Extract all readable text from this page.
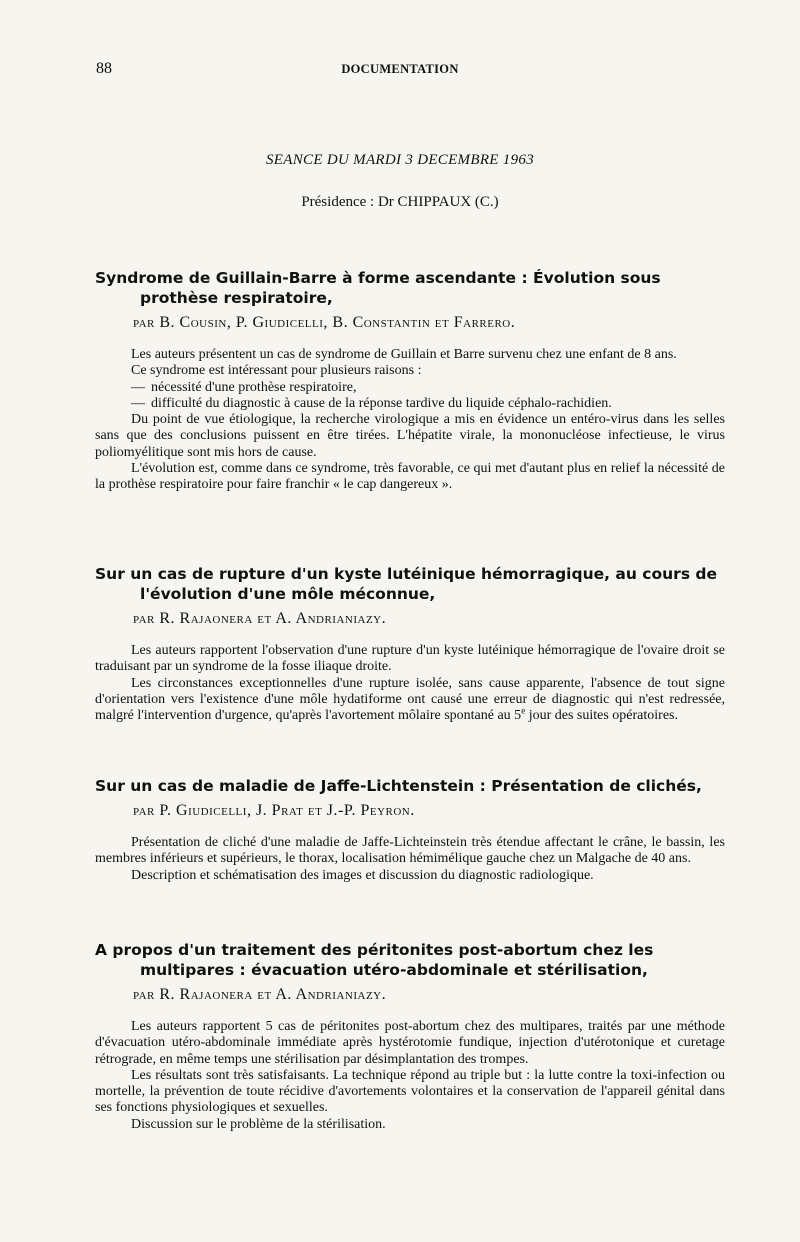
88	DOCUMENTATION
SEANCE DU MARDI 3 DECEMBRE 1963
Présidence : Dr CHIPPAUX (C.)
Syndrome de Guillain-Barre à forme ascendante : Évolution sous prothèse respiratoire,
par B. Cousin, P. Giudicelli, B. Constantin et Farrero.

Les auteurs présentent un cas de syndrome de Guillain et Barre survenu chez une enfant de 8 ans.

Ce syndrome est intéressant pour plusieurs raisons :

— nécessité d'une prothèse respiratoire,

— difficulté du diagnostic à cause de la réponse tardive du liquide céphalo-rachidien.

Du point de vue étiologique, la recherche virologique a mis en évidence un entéro-virus dans les selles sans que des conclusions puissent en être tirées. L'hépatite virale, la mononucléose infectieuse, le virus poliomyélitique sont mis hors de cause.

L'évolution est, comme dans ce syndrome, très favorable, ce qui met d'autant plus en relief la nécessité de la prothèse respiratoire pour faire franchir « le cap dangereux ».

Sur un cas de rupture d'un kyste lutéinique hémorragique, au cours de l'évolution d'une môle méconnue,
par R. Rajaonera et A. Andrianiazy.

Les auteurs rapportent l'observation d'une rupture d'un kyste lutéinique hémorragique de l'ovaire droit se traduisant par un syndrome de la fosse iliaque droite.

Les circonstances exceptionnelles d'une rupture isolée, sans cause apparente, l'absence de tout signe d'orientation vers l'existence d'une môle hydatiforme ont causé une erreur de diagnostic qui n'est redressée, malgré l'intervention d'urgence, qu'après l'avortement môlaire spontané au 5e jour des suites opératoires.

Sur un cas de maladie de Jaffe-Lichtenstein : Présentation de clichés,
par P. Giudicelli, J. Prat et J.-P. Peyron.

Présentation de cliché d'une maladie de Jaffe-Lichteinstein très étendue affectant le crâne, le bassin, les membres inférieurs et supérieurs, le thorax, localisation hémimélique gauche chez un Malgache de 40 ans.

Description et schématisation des images et discussion du diagnostic radiologique.

A propos d'un traitement des péritonites post-abortum chez les multipares : évacuation utéro-abdominale et stérilisation,
par R. Rajaonera et A. Andrianiazy.

Les auteurs rapportent 5 cas de péritonites post-abortum chez des multipares, traités par une méthode d'évacuation utéro-abdominale immédiate après hystérotomie fundique, injection d'utérotonique et curetage rétrograde, en même temps une stérilisation par désimplantation des trompes.

Les résultats sont très satisfaisants. La technique répond au triple but : la lutte contre la toxi-infection ou mortelle, la prévention de toute récidive d'avortements volontaires et la conservation de l'appareil génital dans ses fonctions physiologiques et sexuelles.

Discussion sur le problème de la stérilisation.
